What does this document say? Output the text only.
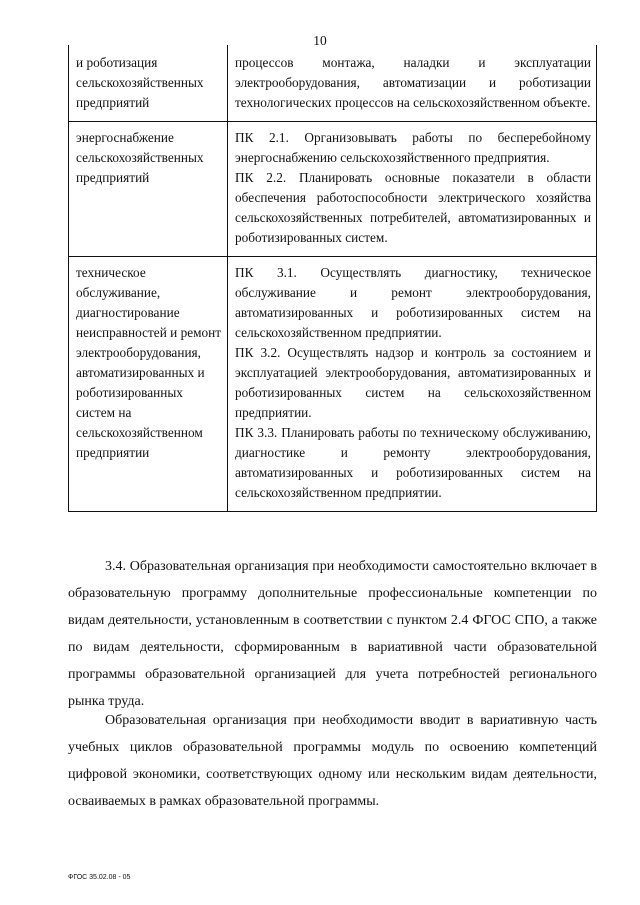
10
и роботизация сельскохозяйственных предприятий	процессов монтажа, наладки и эксплуатации электрооборудования, автоматизации и роботизации технологических процессов на сельскохозяйственном объекте.

энергоснабжение сельскохозяйственных предприятий	ПК 2.1. Организовывать работы по бесперебойному энергоснабжению сельскохозяйственного предприятия.

ПК 2.2. Планировать основные показатели в области обеспечения работоспособности электрического хозяйства сельскохозяйственных потребителей, автоматизированных и роботизированных систем.

техническое обслуживание, диагностирование неисправностей и ремонт электрооборудования, автоматизированных и роботизированных систем на сельскохозяйственном предприятии	ПК 3.1. Осуществлять диагностику, техническое обслуживание и ремонт электрооборудования, автоматизированных и роботизированных систем на сельскохозяйственном предприятии.

ПК 3.2. Осуществлять надзор и контроль за состоянием и эксплуатацией электрооборудования, автоматизированных и роботизированных систем на сельскохозяйственном предприятии.

ПК 3.3. Планировать работы по техническому обслуживанию, диагностике и ремонту электрооборудования, автоматизированных и роботизированных систем на сельскохозяйственном предприятии.

3.4. Образовательная организация при необходимости самостоятельно включает в образовательную программу дополнительные профессиональные компетенции по видам деятельности, установленным в соответствии с пунктом 2.4 ФГОС СПО, а также по видам деятельности, сформированным в вариативной части образовательной программы образовательной организацией для учета потребностей регионального рынка труда.

Образовательная организация при необходимости вводит в вариативную часть учебных циклов образовательной программы модуль по освоению компетенций цифровой экономики, соответствующих одному или нескольким видам деятельности, осваиваемых в рамках образовательной программы.

ФГОС 35.02.08 - 05
